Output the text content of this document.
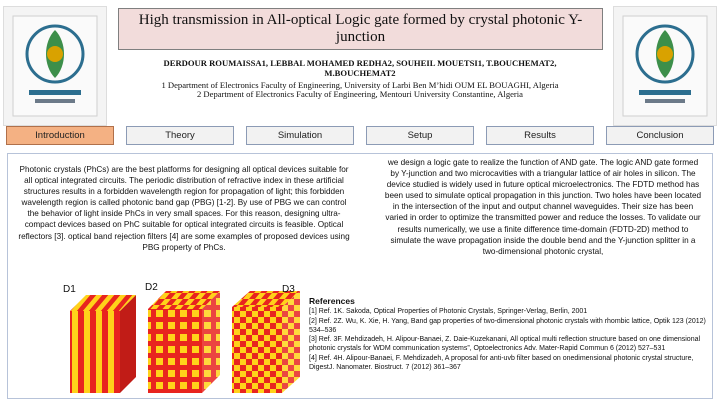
High transmission in All-optical Logic gate formed by crystal photonic Y-junction
DERDOUR ROUMAISSA1, LEBBAL MOHAMED REDHA2, SOUHEIL MOUETSI1, T.BOUCHEMAT2, M.BOUCHEMAT2
1 Department of Electronics Faculty of Engineering, University of Larbi Ben M’hidi OUM EL BOUAGHI, Algeria
2 Department of Electronics Faculty of Engineering, Mentouri University Constantine, Algeria
Introduction	Theory	Simulation	Setup	Results	Conclusion
Photonic crystals (PhCs) are the best platforms for designing all optical devices suitable for all optical integrated circuits. The periodic distribution of refractive index in these artificial structures results in a forbidden wavelength region for propagation of light; this forbidden wavelength region is called photonic band gap (PBG) [1-2]. By use of PBG we can control the behavior of light inside PhCs in very small spaces. For this reason, designing ultra-compact devices based on PhC suitable for optical integrated circuits is feasible. Optical reflectors [3]. optical band rejection filters [4] are some examples of proposed devices using PBG property of PhCs.
we design a logic gate to realize the function of AND gate. The logic AND gate formed by Y-junction and two microcavities with a triangular lattice of air holes in silicon. The device studied is widely used in future optical microelectronics. The FDTD method has been used to simulate optical propagation in this junction. Two holes have been located in the intersection of the input and output channel waveguides. Their size has been varied in order to optimize the transmitted power and reduce the losses. To validate our results numerically, we use a finite difference time-domain (FDTD-2D) method to simulate the wave propagation inside the double bend and the Y-junction splitter in a two-dimensional photonic crystal,
D1	D2	D3
References
[1] Ref. 1K. Sakoda, Optical Properties of Photonic Crystals, Springer-Verlag, Berlin, 2001
[2] Ref. 2Z. Wu, K. Xie, H. Yang, Band gap properties of two-dimensional photonic crystals with rhombic lattice, Optik 123 (2012) 534–536
[3] Ref. 3F. Mehdizadeh, H. Alipour-Banaei, Z. Daie-Kuzekanani, All optical multi reflection structure based on one dimensional photonic crystals for WDM communication systems”, Optoelectronics Adv. Mater-Rapid Commun 6 (2012) 527–531
[4] Ref. 4H. Alipour-Banaei, F. Mehdizadeh, A proposal for anti-uvb filter based on onedimensional photonic crystal structure, DigestJ. Nanomater. Biostruct. 7 (2012) 361–367
